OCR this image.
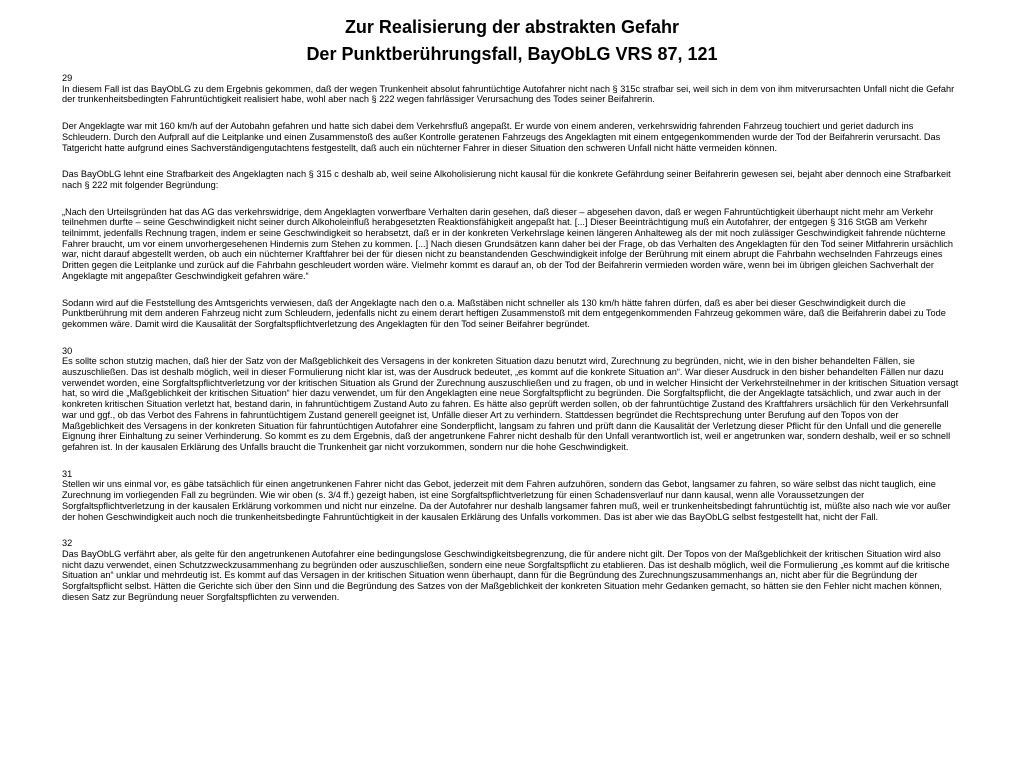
Zur Realisierung der abstrakten Gefahr
Der Punktberührungsfall, BayObLG VRS 87, 121
29

In diesem Fall ist das BayObLG zu dem Ergebnis gekommen, daß der wegen Trunkenheit absolut fahruntüchtige Autofahrer nicht nach § 315c strafbar sei, weil sich in dem von ihm mitverursachten Unfall nicht die Gefahr der trunkenheitsbedingten Fahruntüchtigkeit realisiert habe, wohl aber nach § 222 wegen fahrlässiger Verursachung des Todes seiner Beifahrerin.

Der Angeklagte war mit 160 km/h auf der Autobahn gefahren und hatte sich dabei dem Verkehrsfluß angepaßt. Er wurde von einem anderen, verkehrswidrig fahrenden Fahrzeug touchiert und geriet dadurch ins Schleudern. Durch den Aufprall auf die Leitplanke und einen Zusammenstoß des außer Kontrolle geratenen Fahrzeugs des Angeklagten mit einem entgegenkommenden wurde der Tod der Beifahrerin verursacht. Das Tatgericht hatte aufgrund eines Sachverständigengutachtens festgestellt, daß auch ein nüchterner Fahrer in dieser Situation den schweren Unfall nicht hätte vermeiden können.

Das BayObLG lehnt eine Strafbarkeit des Angeklagten nach § 315 c deshalb ab, weil seine Alkoholisierung nicht kausal für die konkrete Gefährdung seiner Beifahrerin gewesen sei, bejaht aber dennoch eine Strafbarkeit nach § 222 mit folgender Begründung:

„Nach den Urteilsgründen hat das AG das verkehrswidrige, dem Angeklagten vorwerfbare Verhalten darin gesehen, daß dieser – abgesehen davon, daß er wegen Fahruntüchtigkeit überhaupt nicht mehr am Verkehr teilnehmen durfte – seine Geschwindigkeit nicht seiner durch Alkoholeinfluß herabgesetzten Reaktionsfähigkeit angepaßt hat. [...] Dieser Beeinträchtigung muß ein Autofahrer, der entgegen § 316 StGB am Verkehr teilnimmt, jedenfalls Rechnung tragen, indem er seine Geschwindigkeit so herabsetzt, daß er in der konkreten Verkehrslage keinen längeren Anhalteweg als der mit noch zulässiger Geschwindigkeit fahrende nüchterne Fahrer braucht, um vor einem unvorhergesehenen Hindernis zum Stehen zu kommen. [...] Nach diesen Grundsätzen kann daher bei der Frage, ob das Verhalten des Angeklagten für den Tod seiner Mitfahrerin ursächlich war, nicht darauf abgestellt werden, ob auch ein nüchterner Kraftfahrer bei der für diesen nicht zu beanstandenden Geschwindigkeit infolge der Berührung mit einem abrupt die Fahrbahn wechselnden Fahrzeugs eines Dritten gegen die Leitplanke und zurück auf die Fahrbahn geschleudert worden wäre. Vielmehr kommt es darauf an, ob der Tod der Beifahrerin vermieden worden wäre, wenn bei im übrigen gleichen Sachverhalt der Angeklagte mit angepaßter Geschwindigkeit gefahren wäre.“

Sodann wird auf die Feststellung des Amtsgerichts verwiesen, daß der Angeklagte nach den o.a. Maßstäben nicht schneller als 130 km/h hätte fahren dürfen, daß es aber bei dieser Geschwindigkeit durch die Punktberührung mit dem anderen Fahrzeug nicht zum Schleudern, jedenfalls nicht zu einem derart heftigen Zusammenstoß mit dem entgegenkommenden Fahrzeug gekommen wäre, daß die Beifahrerin dabei zu Tode gekommen wäre. Damit wird die Kausalität der Sorgfaltspflichtverletzung des Angeklagten für den Tod seiner Beifahrer begründet.

30

Es sollte schon stutzig machen, daß hier der Satz von der Maßgeblichkeit des Versagens in der konkreten Situation dazu benutzt wird, Zurechnung zu begründen, nicht, wie in den bisher behandelten Fällen, sie auszuschließen. Das ist deshalb möglich, weil in dieser Formulierung nicht klar ist, was der Ausdruck bedeutet, „es kommt auf die konkrete Situation an“. War dieser Ausdruck in den bisher behandelten Fällen nur dazu verwendet worden, eine Sorgfaltspflichtverletzung vor der kritischen Situation als Grund der Zurechnung auszuschließen und zu fragen, ob und in welcher Hinsicht der Verkehrsteilnehmer in der kritischen Situation versagt hat, so wird die „Maßgeblichkeit der kritischen Situation“ hier dazu verwendet, um für den Angeklagten eine neue Sorgfaltspflicht zu begründen. Die Sorgfaltspflicht, die der Angeklagte tatsächlich, und zwar auch in der konkreten kritischen Situation verletzt hat, bestand darin, in fahruntüchtigem Zustand Auto zu fahren. Es hätte also geprüft werden sollen, ob der fahruntüchtige Zustand des Kraftfahrers ursächlich für den Verkehrsunfall war und ggf., ob das Verbot des Fahrens in fahruntüchtigem Zustand generell geeignet ist, Unfälle dieser Art zu verhindern. Stattdessen begründet die Rechtsprechung unter Berufung auf den Topos von der Maßgeblichkeit des Versagens in der konkreten Situation für fahruntüchtigen Autofahrer eine Sonderpflicht, langsam zu fahren und prüft dann die Kausalität der Verletzung dieser Pflicht für den Unfall und die generelle Eignung ihrer Einhaltung zu seiner Verhinderung. So kommt es zu dem Ergebnis, daß der angetrunkene Fahrer nicht deshalb für den Unfall verantwortlich ist, weil er angetrunken war, sondern deshalb, weil er so schnell gefahren ist. In der kausalen Erklärung des Unfalls braucht die Trunkenheit gar nicht vorzukommen, sondern nur die hohe Geschwindigkeit.

31

Stellen wir uns einmal vor, es gäbe tatsächlich für einen angetrunkenen Fahrer nicht das Gebot, jederzeit mit dem Fahren aufzuhören, sondern das Gebot, langsamer zu fahren, so wäre selbst das nicht tauglich, eine Zurechnung im vorliegenden Fall zu begründen. Wie wir oben (s. 3/4 ff.) gezeigt haben, ist eine Sorgfaltspflichtverletzung für einen Schadensverlauf nur dann kausal, wenn alle Voraussetzungen der Sorgfaltspflichtverletzung in der kausalen Erklärung vorkommen und nicht nur einzelne. Da der Autofahrer nur deshalb langsamer fahren muß, weil er trunkenheitsbedingt fahruntüchtig ist, müßte also nach wie vor außer der hohen Geschwindigkeit auch noch die trunkenheitsbedingte Fahruntüchtigkeit in der kausalen Erklärung des Unfalls vorkommen. Das ist aber wie das BayObLG selbst festgestellt hat, nicht der Fall.

32

Das BayObLG verfährt aber, als gelte für den angetrunkenen Autofahrer eine bedingungslose Geschwindigkeitsbegrenzung, die für andere nicht gilt. Der Topos von der Maßgeblichkeit der kritischen Situation wird also nicht dazu verwendet, einen Schutzzweckzusammenhang zu begründen oder auszuschließen, sondern eine neue Sorgfaltspflicht zu etablieren. Das ist deshalb möglich, weil die Formulierung „es kommt auf die kritische Situation an“ unklar und mehrdeutig ist. Es kommt auf das Versagen in der kritischen Situation wenn überhaupt, dann für die Begründung des Zurechnungszusammenhangs an, nicht aber für die Begründung der Sorgfaltspflicht selbst. Hätten die Gerichte sich über den Sinn und die Begründung des Satzes von der Maßgeblichkeit der konkreten Situation mehr Gedanken gemacht, so hätten sie den Fehler nicht machen können, diesen Satz zur Begründung neuer Sorgfaltspflichten zu verwenden.
